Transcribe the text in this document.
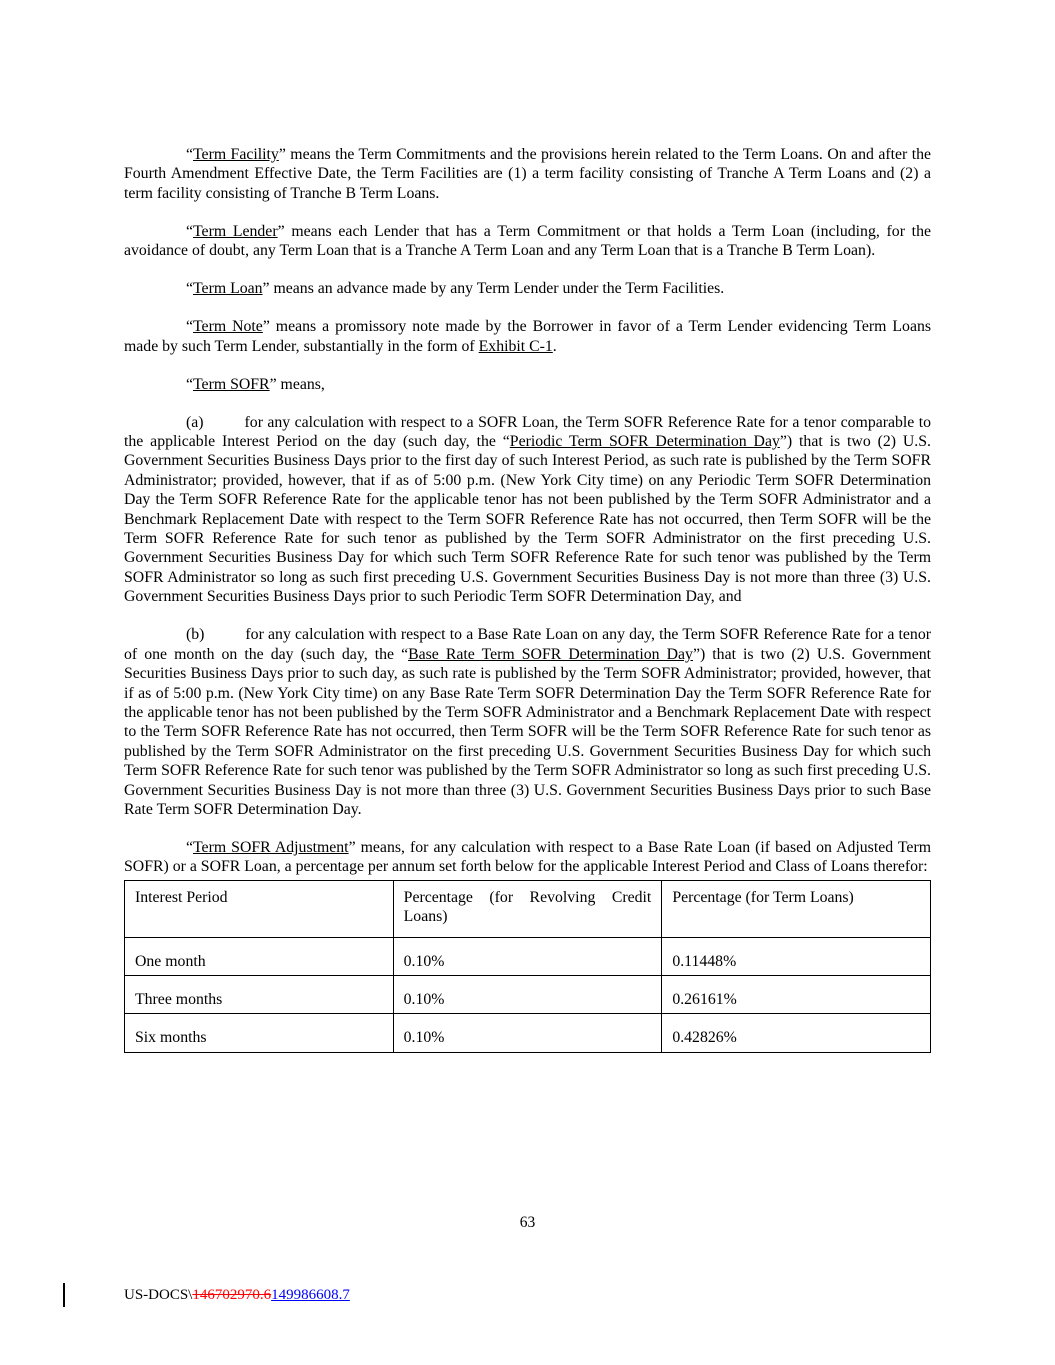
“Term Facility” means the Term Commitments and the provisions herein related to the Term Loans. On and after the Fourth Amendment Effective Date, the Term Facilities are (1) a term facility consisting of Tranche A Term Loans and (2) a term facility consisting of Tranche B Term Loans.

“Term Lender” means each Lender that has a Term Commitment or that holds a Term Loan (including, for the avoidance of doubt, any Term Loan that is a Tranche A Term Loan and any Term Loan that is a Tranche B Term Loan).

“Term Loan” means an advance made by any Term Lender under the Term Facilities.

“Term Note” means a promissory note made by the Borrower in favor of a Term Lender evidencing Term Loans made by such Term Lender, substantially in the form of Exhibit C-1.

“Term SOFR” means,

(a)	for any calculation with respect to a SOFR Loan, the Term SOFR Reference Rate for a tenor comparable to the applicable Interest Period on the day (such day, the “Periodic Term SOFR Determination Day”) that is two (2) U.S. Government Securities Business Days prior to the first day of such Interest Period, as such rate is published by the Term SOFR Administrator; provided, however, that if as of 5:00 p.m. (New York City time) on any Periodic Term SOFR Determination Day the Term SOFR Reference Rate for the applicable tenor has not been published by the Term SOFR Administrator and a Benchmark Replacement Date with respect to the Term SOFR Reference Rate has not occurred, then Term SOFR will be the Term SOFR Reference Rate for such tenor as published by the Term SOFR Administrator on the first preceding U.S. Government Securities Business Day for which such Term SOFR Reference Rate for such tenor was published by the Term SOFR Administrator so long as such first preceding U.S. Government Securities Business Day is not more than three (3) U.S. Government Securities Business Days prior to such Periodic Term SOFR Determination Day, and

(b)	for any calculation with respect to a Base Rate Loan on any day, the Term SOFR Reference Rate for a tenor of one month on the day (such day, the “Base Rate Term SOFR Determination Day”) that is two (2) U.S. Government Securities Business Days prior to such day, as such rate is published by the Term SOFR Administrator; provided, however, that if as of 5:00 p.m. (New York City time) on any Base Rate Term SOFR Determination Day the Term SOFR Reference Rate for the applicable tenor has not been published by the Term SOFR Administrator and a Benchmark Replacement Date with respect to the Term SOFR Reference Rate has not occurred, then Term SOFR will be the Term SOFR Reference Rate for such tenor as published by the Term SOFR Administrator on the first preceding U.S. Government Securities Business Day for which such Term SOFR Reference Rate for such tenor was published by the Term SOFR Administrator so long as such first preceding U.S. Government Securities Business Day is not more than three (3) U.S. Government Securities Business Days prior to such Base Rate Term SOFR Determination Day.

“Term SOFR Adjustment” means, for any calculation with respect to a Base Rate Loan (if based on Adjusted Term SOFR) or a SOFR Loan, a percentage per annum set forth below for the applicable Interest Period and Class of Loans therefor:

Interest Period	Percentage (for Revolving Credit Loans)	Percentage (for Term Loans)
One month	0.10%	0.11448%
Three months	0.10%	0.26161%
Six months	0.10%	0.42826%
63
US-DOCS\146702970.6149986608.7
